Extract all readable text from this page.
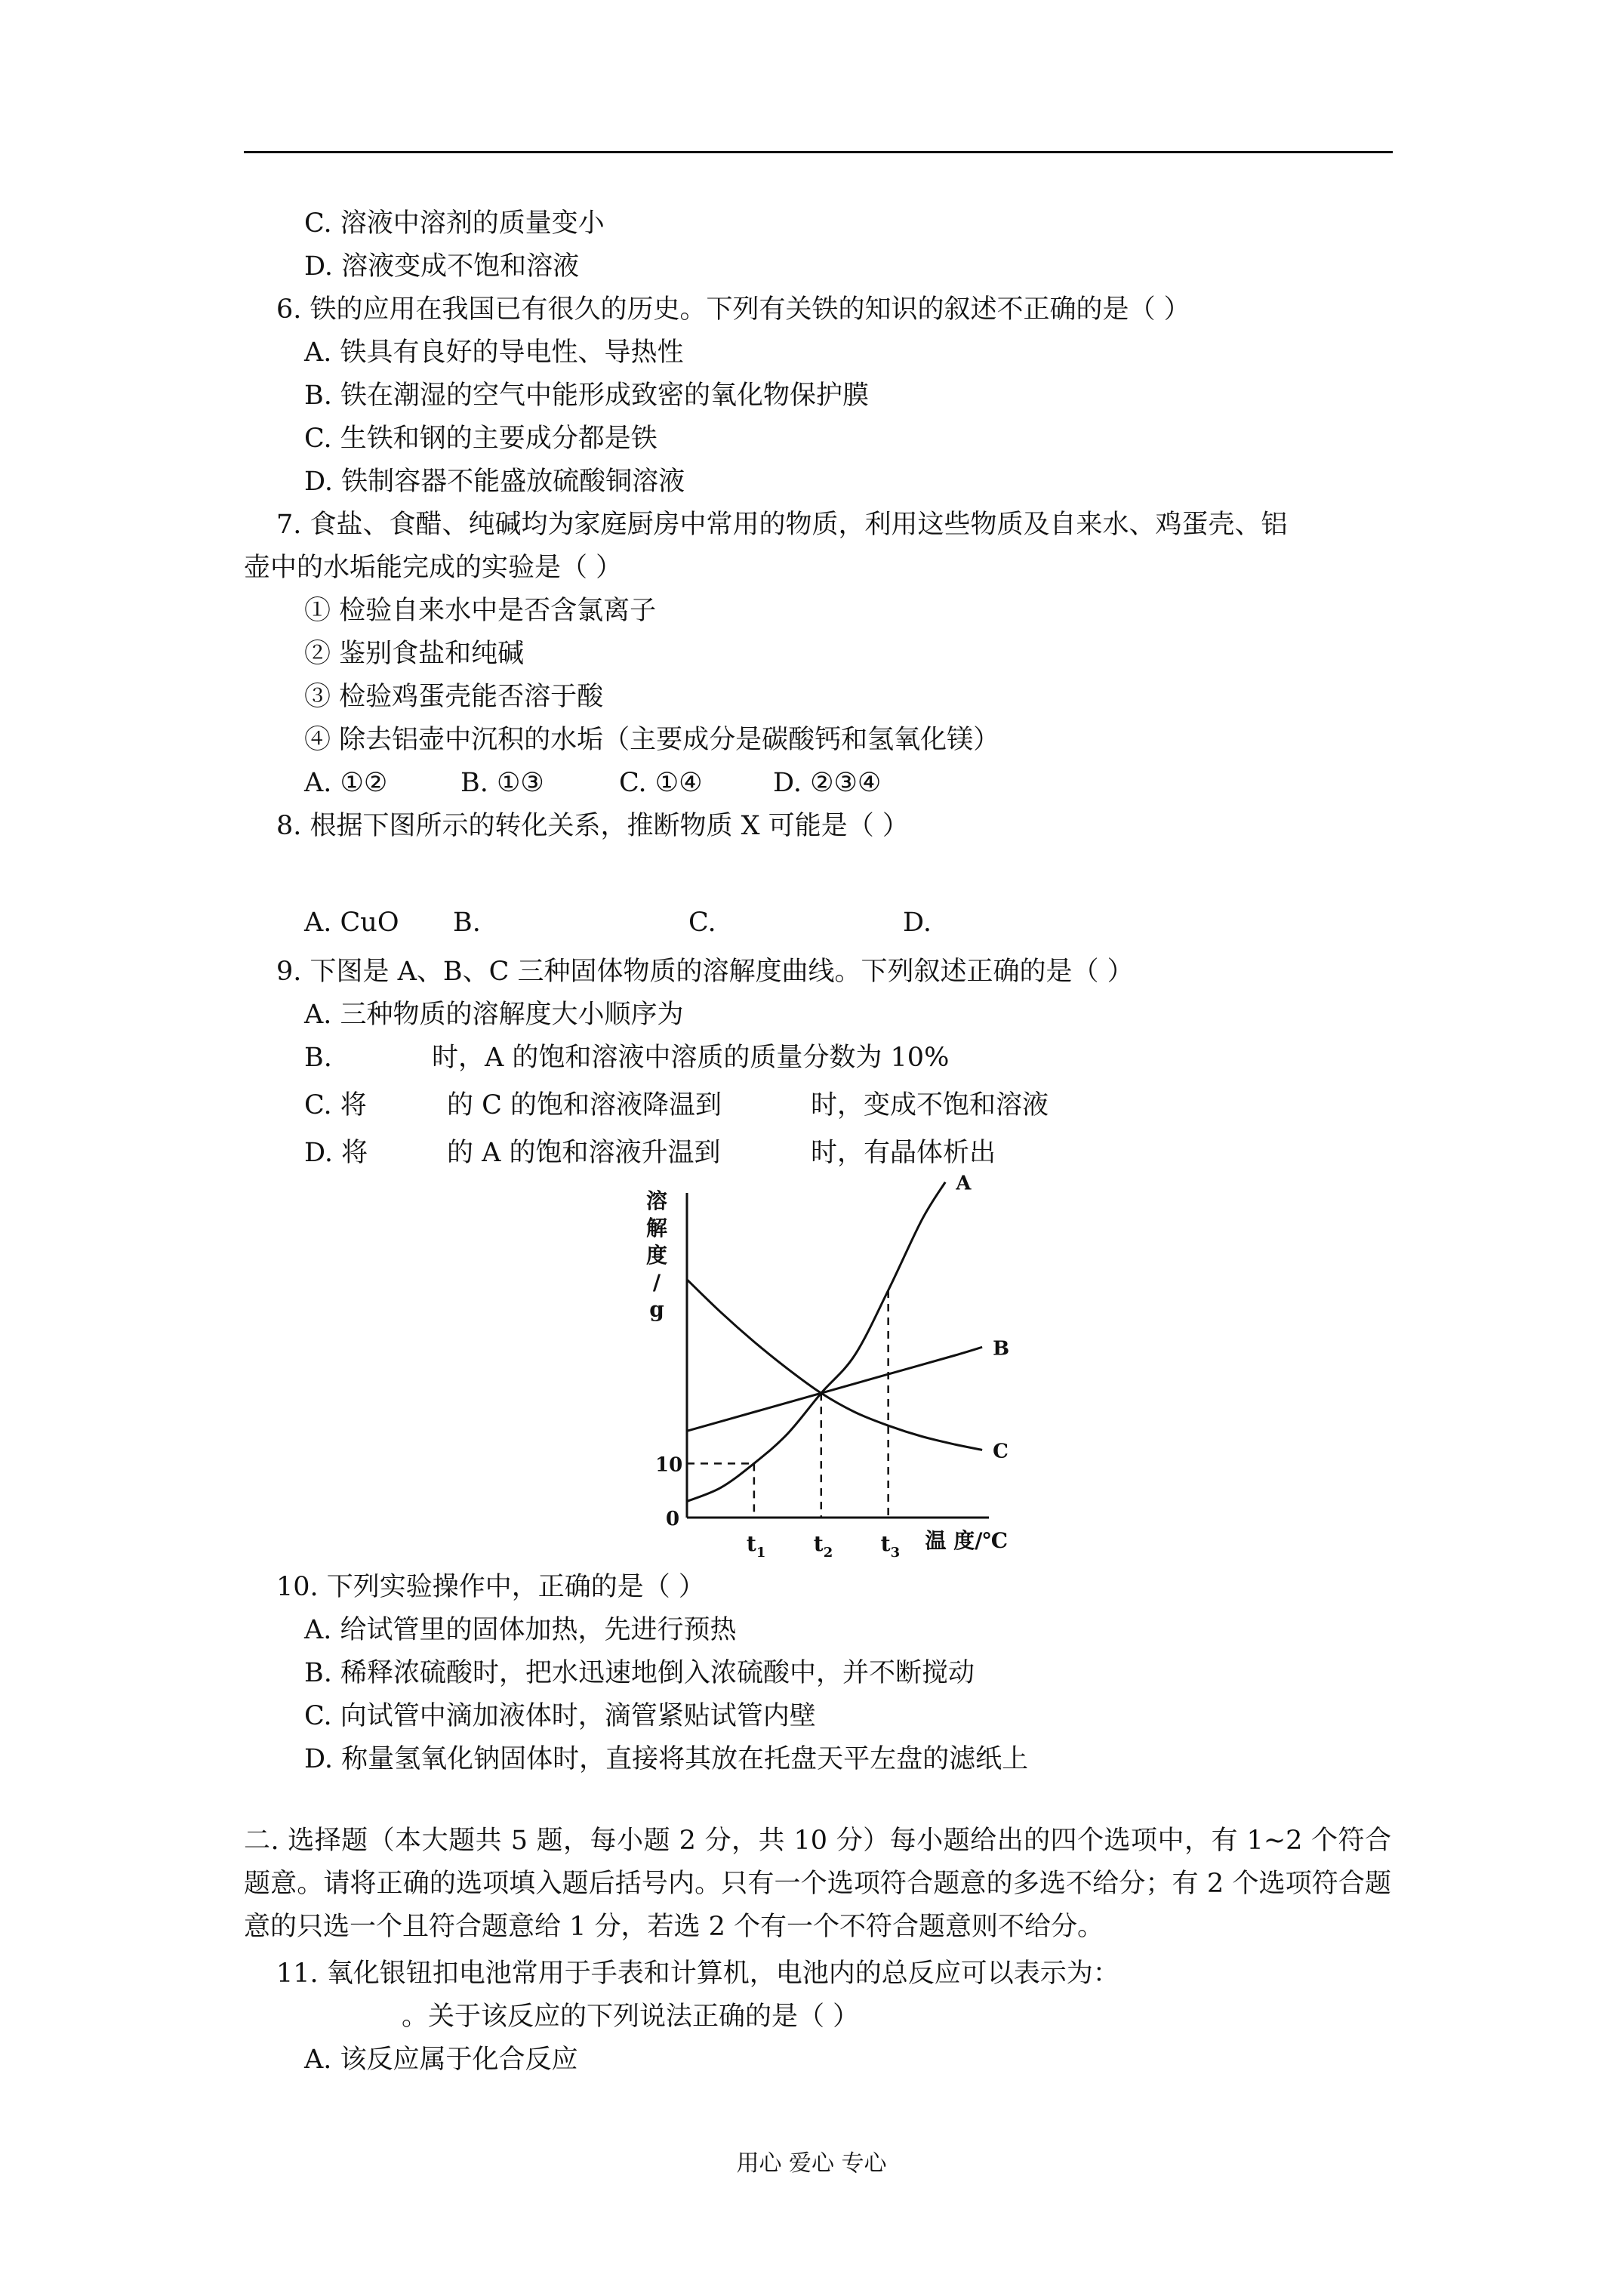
C. 溶液中溶剂的质量变小
D. 溶液变成不饱和溶液
6. 铁的应用在我国已有很久的历史。下列有关铁的知识的叙述不正确的是（ ）
A. 铁具有良好的导电性、导热性
B. 铁在潮湿的空气中能形成致密的氧化物保护膜
C. 生铁和钢的主要成分都是铁
D. 铁制容器不能盛放硫酸铜溶液
7. 食盐、食醋、纯碱均为家庭厨房中常用的物质，利用这些物质及自来水、鸡蛋壳、铝
壶中的水垢能完成的实验是（ ）
① 检验自来水中是否含氯离子
② 鉴别食盐和纯碱
③ 检验鸡蛋壳能否溶于酸
④ 除去铝壶中沉积的水垢（主要成分是碳酸钙和氢氧化镁）
A. ①②	B. ①③	C. ①④	D. ②③④
8. 根据下图所示的转化关系，推断物质 X 可能是（ ）
A. CuO B.	C.	D.
9. 下图是 A、B、C 三种固体物质的溶解度曲线。下列叙述正确的是（ ）
A. 三种物质的溶解度大小顺序为
B.	时，A 的饱和溶液中溶质的质量分数为 10%
C. 将	的 C 的饱和溶液降温到	时，变成不饱和溶液
D. 将	的 A 的饱和溶液升温到	时，有晶体析出
溶
解
度
/
g
A
B
C
0
10
$t_1$ $t_2$ $t_3$ 温 度/℃
10. 下列实验操作中，正确的是（ ）
A. 给试管里的固体加热，先进行预热
B. 稀释浓硫酸时，把水迅速地倒入浓硫酸中，并不断搅动
C. 向试管中滴加液体时，滴管紧贴试管内壁
D. 称量氢氧化钠固体时，直接将其放在托盘天平左盘的滤纸上
二. 选择题（本大题共 5 题，每小题 2 分，共 10 分）每小题给出的四个选项中，有 1~2 个符合题意。请将正确的选项填入题后括号内。只有一个选项符合题意的多选不给分；有 2 个选项符合题意的只选一个且符合题意给 1 分，若选 2 个有一个不符合题意则不给分。
11. 氧化银钮扣电池常用于手表和计算机，电池内的总反应可以表示为：
。关于该反应的下列说法正确的是（ ）
A. 该反应属于化合反应
用心 爱心 专心
